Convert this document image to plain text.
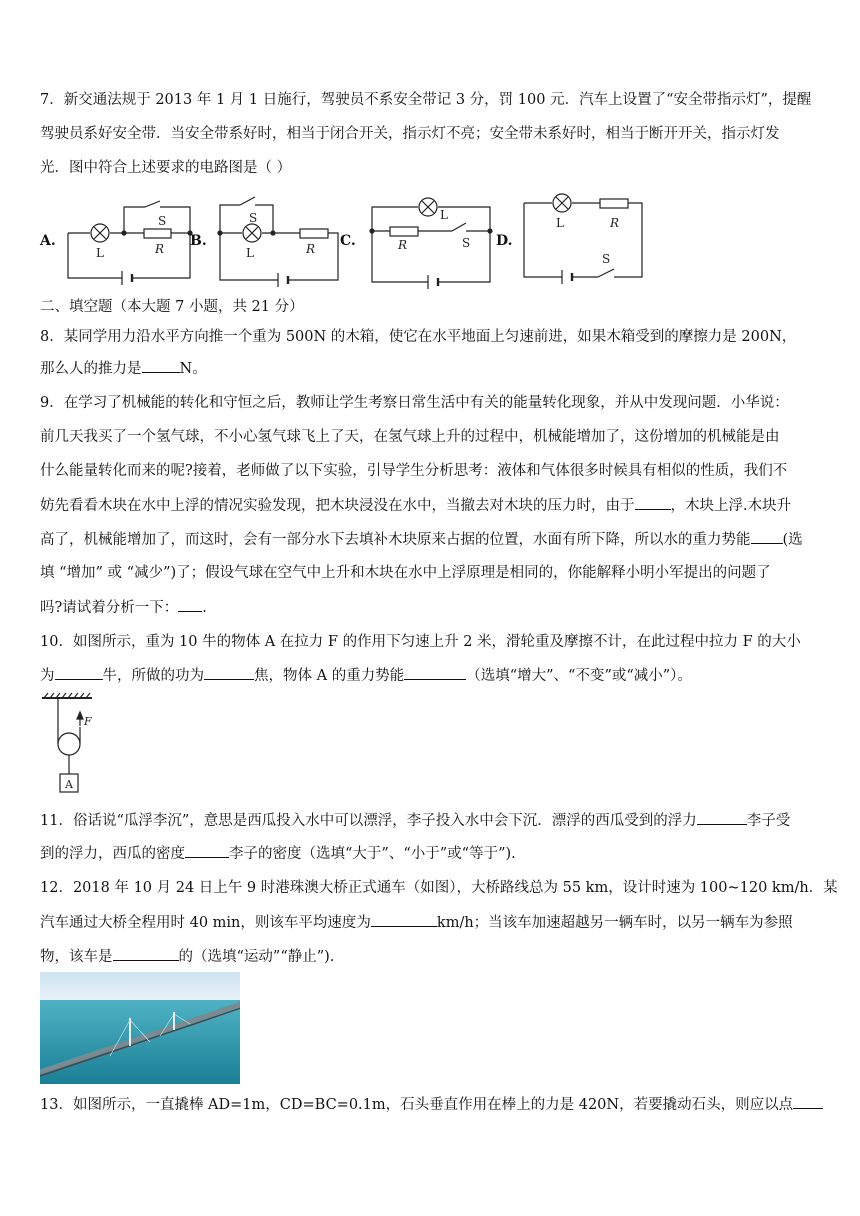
7．新交通法规于 2013 年 1 月 1 日施行，驾驶员不系安全带记 3 分，罚 100 元．汽车上设置了“安全带指示灯”，提醒
驾驶员系好安全带．当安全带系好时，相当于闭合开关，指示灯不亮；安全带未系好时，相当于断开开关，指示灯发
光．图中符合上述要求的电路图是（ ）
A.
L	R
S
B.
L	R
S
C.
L
R	S D.
L	R
S
二、填空题（本大题 7 小题，共 21 分）
8．某同学用力沿水平方向推一个重为 500N 的木箱，使它在水平地面上匀速前进，如果木箱受到的摩擦力是 200N，
那么人的推力是	N。
9．在学习了机械能的转化和守恒之后，教师让学生考察日常生活中有关的能量转化现象，并从中发现问题．小华说：
前几天我买了一个氢气球，不小心氢气球飞上了天，在氢气球上升的过程中，机械能增加了，这份增加的机械能是由
什么能量转化而来的呢?接着，老师做了以下实验，引导学生分析思考：液体和气体很多时候具有相似的性质，我们不
妨先看看木块在水中上浮的情况实验发现，把木块浸没在水中，当撤去对木块的压力时，由于 ，木块上浮.木块升
高了，机械能增加了，而这时，会有一部分水下去填补木块原来占据的位置，水面有所下降，所以水的重力势能 (选
填 “增加” 或 “减少”)了；假设气球在空气中上升和木块在水中上浮原理是相同的，你能解释小明小军提出的问题了
吗?请试着分析一下： .
10．如图所示，重为 10 牛的物体 A 在拉力 F 的作用下匀速上升 2 米，滑轮重及摩擦不计，在此过程中拉力 F 的大小
为	牛，所做的功为	焦，物体 A 的重力势能	（选填“增大”、“不变”或“减小”）。
F
A
11．俗话说“瓜浮李沉”，意思是西瓜投入水中可以漂浮，李子投入水中会下沉．漂浮的西瓜受到的浮力	李子受
到的浮力，西瓜的密度	李子的密度（选填“大于”、“小于”或“等于”).
12．2018 年 10 月 24 日上午 9 时港珠澳大桥正式通车（如图），大桥路线总为 55 km，设计时速为 100~120 km/h．某
汽车通过大桥全程用时 40 min，则该车平均速度为	km/h；当该车加速超越另一辆车时，以另一辆车为参照
物，该车是	的（选填“运动”“静止”).
13．如图所示，一直撬棒 AD=1m，CD=BC=0.1m，石头垂直作用在棒上的力是 420N，若要撬动石头，则应以点
